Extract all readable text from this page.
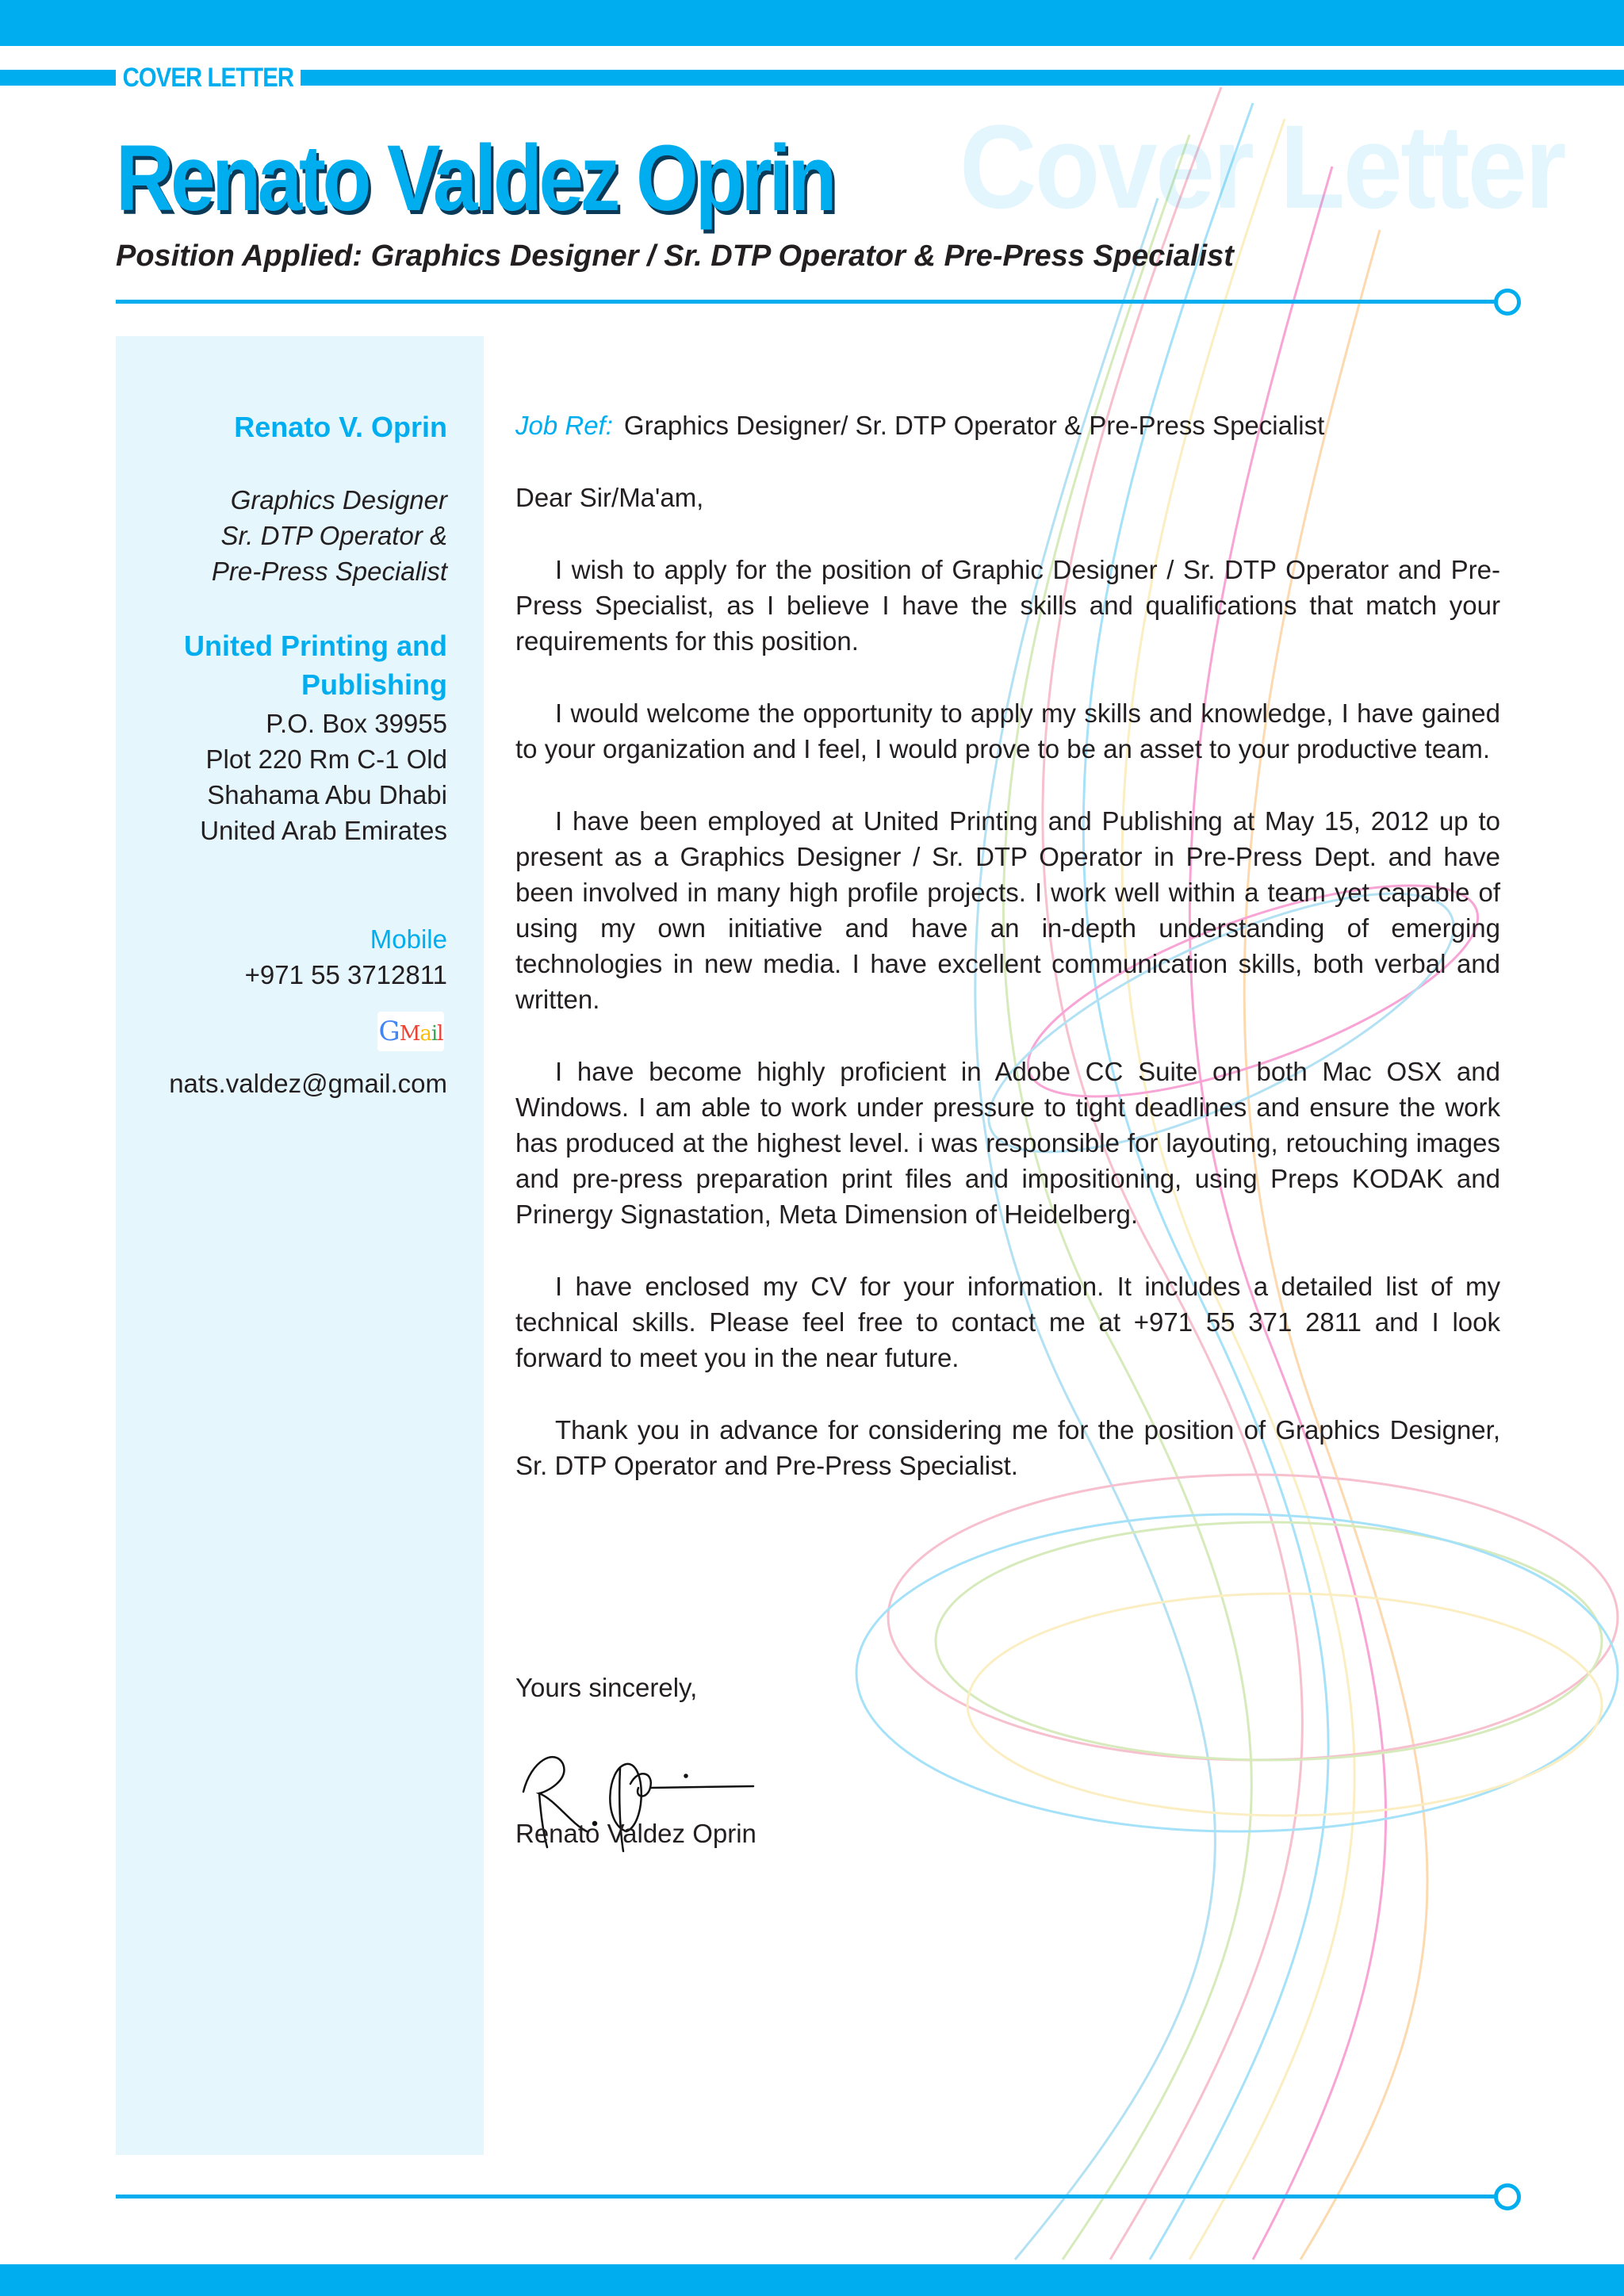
COVER LETTER
Cover Letter
Renato Valdez Oprin
Position Applied: Graphics Designer / Sr. DTP Operator & Pre-Press Specialist
Renato V. Oprin
Graphics Designer
Sr. DTP Operator &
Pre-Press Specialist
United Printing and
Publishing
P.O. Box 39955
Plot 220 Rm C-1 Old
Shahama Abu Dhabi
United Arab Emirates
Mobile
+971 55 3712811
GMail
nats.valdez@gmail.com
Job Ref: Graphics Designer/ Sr. DTP Operator & Pre-Press Specialist
Dear Sir/Ma'am,

I wish to apply for the position of Graphic Designer / Sr. DTP Operator and Pre-Press Specialist, as I believe I have the skills and qualifications that match your requirements for this position.

I would welcome the opportunity to apply my skills and knowledge, I have gained to your organization and I feel, I would prove to be an asset to your productive team.

I have been employed at United Printing and Publishing at May 15, 2012 up to present as a Graphics Designer / Sr. DTP Operator in Pre-Press Dept. and have been involved in many high profile projects. I work well within a team yet capable of using my own initiative and have an in-depth understanding of emerging technologies in new media. I have excellent communication skills, both verbal and written.

I have become highly proficient in Adobe CC Suite on both Mac OSX and Windows. I am able to work under pressure to tight deadlines and ensure the work has produced at the highest level. i was responsible for layouting, retouching images and pre-press preparation print files and impositioning, using Preps KODAK and Prinergy Signastation, Meta Dimension of Heidelberg.

I have enclosed my CV for your information. It includes a detailed list of my technical skills. Please feel free to contact me at +971 55 371 2811 and I look forward to meet you in the near future.

Thank you in advance for considering me for the position of Graphics Designer, Sr. DTP Operator and Pre-Press Specialist.

Yours sincerely,
Renato Valdez Oprin
